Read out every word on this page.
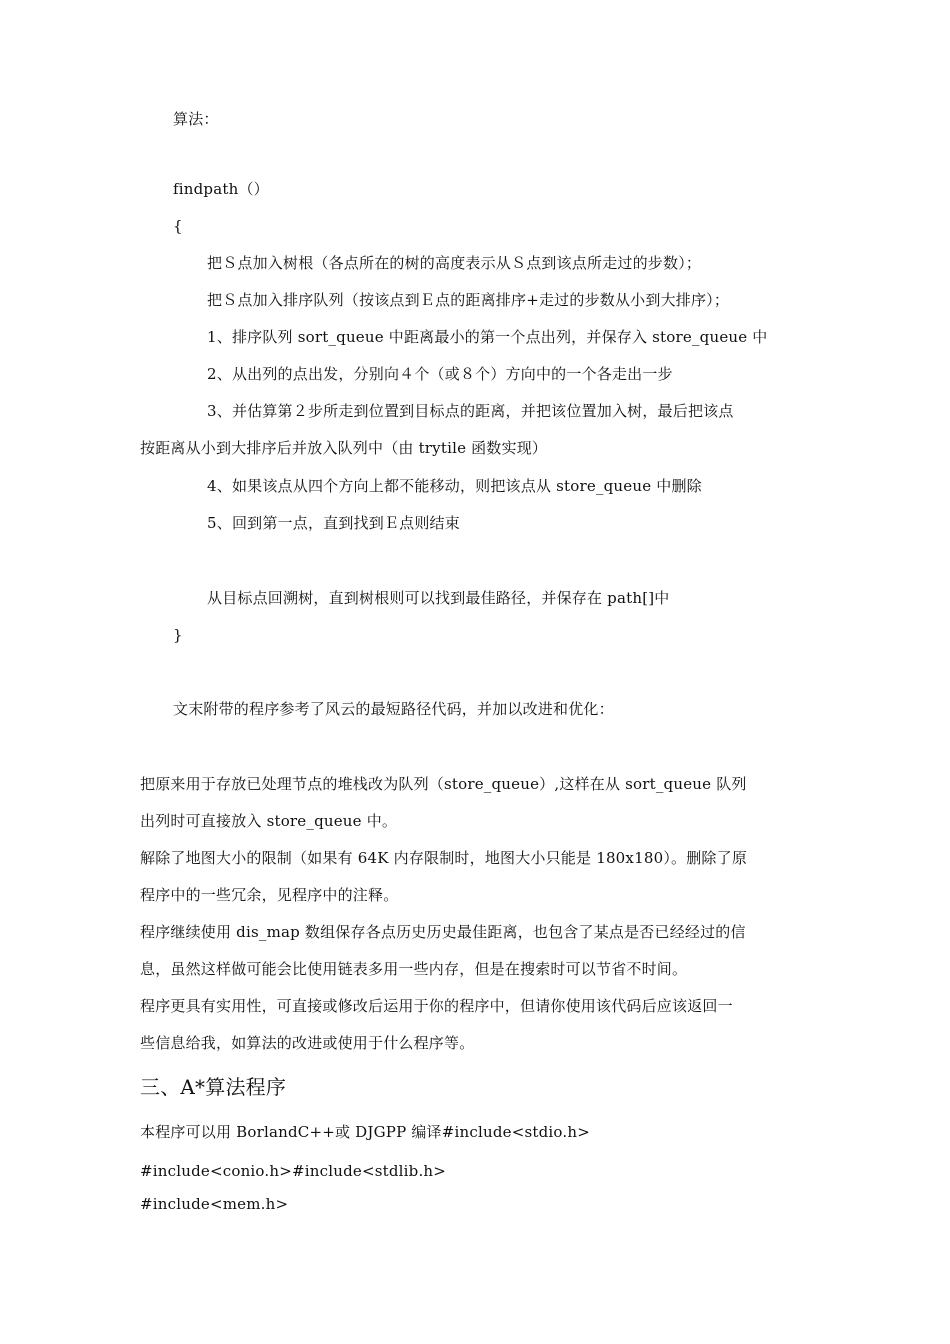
算法：
findpath（）
{
把Ｓ点加入树根（各点所在的树的高度表示从Ｓ点到该点所走过的步数）；
把Ｓ点加入排序队列（按该点到Ｅ点的距离排序+走过的步数从小到大排序）；
1、排序队列 sort_queue 中距离最小的第一个点出列，并保存入 store_queue 中
2、从出列的点出发，分别向４个（或８个）方向中的一个各走出一步
3、并估算第２步所走到位置到目标点的距离，并把该位置加入树，最后把该点
按距离从小到大排序后并放入队列中（由 trytile 函数实现）
4、如果该点从四个方向上都不能移动，则把该点从 store_queue 中删除
5、回到第一点，直到找到Ｅ点则结束
从目标点回溯树，直到树根则可以找到最佳路径，并保存在 path[]中
}
文末附带的程序参考了风云的最短路径代码，并加以改进和优化：
把原来用于存放已处理节点的堆栈改为队列（store_queue）,这样在从 sort_queue 队列
出列时可直接放入 store_queue 中。
解除了地图大小的限制（如果有 64K 内存限制时，地图大小只能是 180x180）。删除了原
程序中的一些冗余，见程序中的注释。
程序继续使用 dis_map 数组保存各点历史历史最佳距离，也包含了某点是否已经经过的信
息，虽然这样做可能会比使用链表多用一些内存，但是在搜索时可以节省不时间。
程序更具有实用性，可直接或修改后运用于你的程序中，但请你使用该代码后应该返回一
些信息给我，如算法的改进或使用于什么程序等。
三、A*算法程序
本程序可以用 BorlandC++或 DJGPP 编译#include<stdio.h>
#include<conio.h>#include<stdlib.h>
#include<mem.h>
